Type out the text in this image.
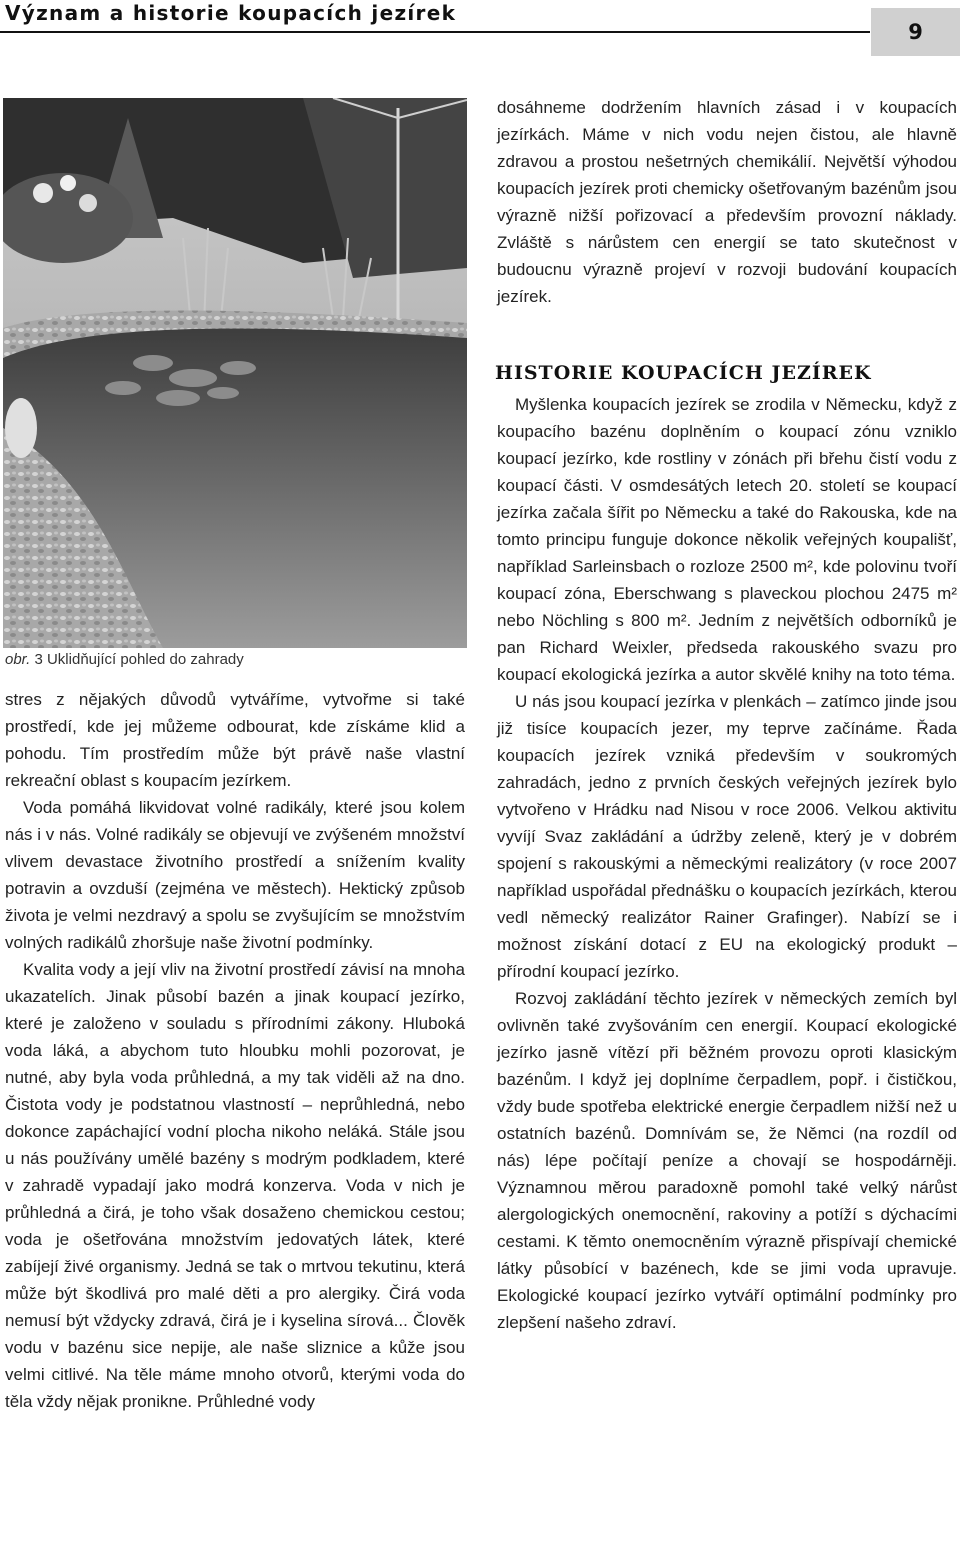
Význam a historie koupacích jezírek
9

obr. 3 Uklidňující pohled do zahrady

stres z nějakých důvodů vytváříme, vytvořme si také prostředí, kde jej můžeme odbourat, kde získáme klid a pohodu. Tím prostředím může být právě naše vlastní rekreační oblast s koupacím jezírkem.

Voda pomáhá likvidovat volné radikály, které jsou kolem nás i v nás. Volné radikály se objevují ve zvýšeném množství vlivem devastace životního prostředí a snížením kvality potravin a ovzduší (zejména ve městech). Hektický způsob života je velmi nezdravý a spolu se zvyšujícím se množstvím volných radikálů zhoršuje naše životní podmínky.

Kvalita vody a její vliv na životní prostředí závisí na mnoha ukazatelích. Jinak působí bazén a jinak koupací jezírko, které je založeno v souladu s přírodními zákony. Hluboká voda láká, a abychom tuto hloubku mohli pozorovat, je nutné, aby byla voda průhledná, a my tak viděli až na dno. Čistota vody je podstatnou vlastností – neprůhledná, nebo dokonce zapáchající vodní plocha nikoho neláká. Stále jsou u nás používány umělé bazény s modrým podkladem, které v zahradě vypadají jako modrá konzerva. Voda v nich je průhledná a čirá, je toho však dosaženo chemickou cestou; voda je ošetřována množstvím jedovatých látek, které zabíjejí živé organismy. Jedná se tak o mrtvou tekutinu, která může být škodlivá pro malé děti a pro alergiky. Čirá voda nemusí být vždycky zdravá, čirá je i kyselina sírová... Člověk vodu v bazénu sice nepije, ale naše sliznice a kůže jsou velmi citlivé. Na těle máme mnoho otvorů, kterými voda do těla vždy nějak pronikne. Průhledné vody

dosáhneme dodržením hlavních zásad i v koupacích jezírkách. Máme v nich vodu nejen čistou, ale hlavně zdravou a prostou nešetrných chemikálií. Největší výhodou koupacích jezírek proti chemicky ošetřovaným bazénům jsou výrazně nižší pořizovací a především provozní náklady. Zvláště s nárůstem cen energií se tato skutečnost v budoucnu výrazně projeví v rozvoji budování koupacích jezírek.

HISTORIE KOUPACÍCH JEZÍREK

Myšlenka koupacích jezírek se zrodila v Německu, když z koupacího bazénu doplněním o koupací zónu vzniklo koupací jezírko, kde rostliny v zónách při břehu čistí vodu z koupací části. V osmdesátých letech 20. století se koupací jezírka začala šířit po Německu a také do Rakouska, kde na tomto principu funguje dokonce několik veřejných koupališť, například Sarleinsbach o rozloze 2500 m², kde polovinu tvoří koupací zóna, Eberschwang s plaveckou plochou 2475 m² nebo Nöchling s 800 m². Jedním z největších odborníků je pan Richard Weixler, předseda rakouského svazu pro koupací ekologická jezírka a autor skvělé knihy na toto téma.

U nás jsou koupací jezírka v plenkách – zatímco jinde jsou již tisíce koupacích jezer, my teprve začínáme. Řada koupacích jezírek vzniká především v soukromých zahradách, jedno z prvních českých veřejných jezírek bylo vytvořeno v Hrádku nad Nisou v roce 2006. Velkou aktivitu vyvíjí Svaz zakládání a údržby zeleně, který je v dobrém spojení s rakouskými a německými realizátory (v roce 2007 například uspořádal přednášku o koupacích jezírkách, kterou vedl německý realizátor Rainer Grafinger). Nabízí se i možnost získání dotací z EU na ekologický produkt – přírodní koupací jezírko.

Rozvoj zakládání těchto jezírek v německých zemích byl ovlivněn také zvyšováním cen energií. Koupací ekologické jezírko jasně vítězí při běžném provozu oproti klasickým bazénům. I když jej doplníme čerpadlem, popř. i čističkou, vždy bude spotřeba elektrické energie čerpadlem nižší než u ostatních bazénů. Domnívám se, že Němci (na rozdíl od nás) lépe počítají peníze a chovají se hospodárněji. Významnou měrou paradoxně pomohl také velký nárůst alergologických onemocnění, rakoviny a potíží s dýchacími cestami. K těmto onemocněním výrazně přispívají chemické látky působící v bazénech, kde se jimi voda upravuje. Ekologické koupací jezírko vytváří optimální podmínky pro zlepšení našeho zdraví.
